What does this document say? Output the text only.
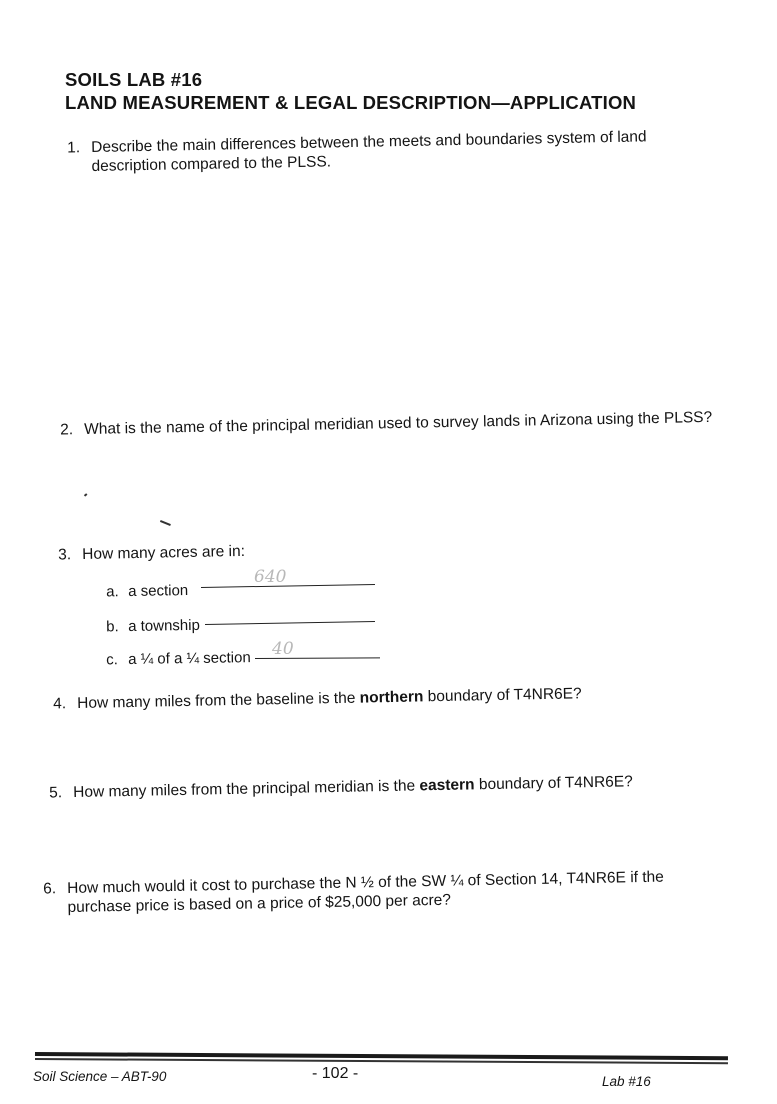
SOILS LAB #16
LAND MEASUREMENT & LEGAL DESCRIPTION—APPLICATION
1. Describe the main differences between the meets and boundaries system of land
description compared to the PLSS.
2. What is the name of the principal meridian used to survey lands in Arizona using the PLSS?
3. How many acres are in:
a. a section
640
b. a township
c. a ¼ of a ¼ section 40
4. How many miles from the baseline is the northern boundary of T4NR6E?
5. How many miles from the principal meridian is the eastern boundary of T4NR6E?
6. How much would it cost to purchase the N ½ of the SW ¼ of Section 14, T4NR6E if the
purchase price is based on a price of $25,000 per acre?
Soil Science – ABT-90	- 102 -	Lab #16
